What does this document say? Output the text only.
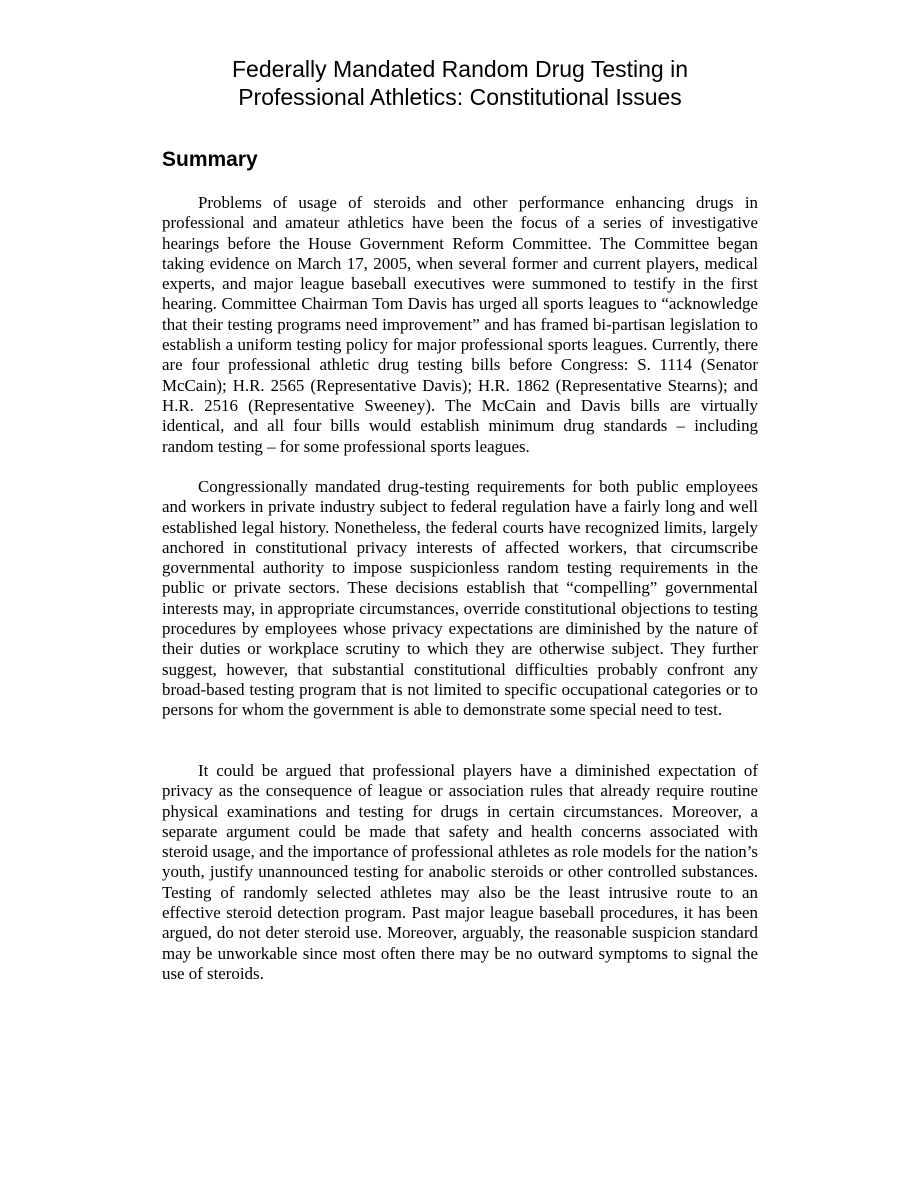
Federally Mandated Random Drug Testing in
Professional Athletics: Constitutional Issues
Summary

Problems of usage of steroids and other performance enhancing drugs in professional and amateur athletics have been the focus of a series of investigative hearings before the House Government Reform Committee. The Committee began taking evidence on March 17, 2005, when several former and current players, medical experts, and major league baseball executives were summoned to testify in the first hearing. Committee Chairman Tom Davis has urged all sports leagues to “acknowledge that their testing programs need improvement” and has framed bi-partisan legislation to establish a uniform testing policy for major professional sports leagues. Currently, there are four professional athletic drug testing bills before Congress: S. 1114 (Senator McCain); H.R. 2565 (Representative Davis); H.R. 1862 (Representative Stearns); and H.R. 2516 (Representative Sweeney). The McCain and Davis bills are virtually identical, and all four bills would establish minimum drug standards – including random testing – for some professional sports leagues.

Congressionally mandated drug-testing requirements for both public employees and workers in private industry subject to federal regulation have a fairly long and well established legal history. Nonetheless, the federal courts have recognized limits, largely anchored in constitutional privacy interests of affected workers, that circumscribe governmental authority to impose suspicionless random testing requirements in the public or private sectors. These decisions establish that “compelling” governmental interests may, in appropriate circumstances, override constitutional objections to testing procedures by employees whose privacy expectations are diminished by the nature of their duties or workplace scrutiny to which they are otherwise subject. They further suggest, however, that substantial constitutional difficulties probably confront any broad-based testing program that is not limited to specific occupational categories or to persons for whom the government is able to demonstrate some special need to test.

It could be argued that professional players have a diminished expectation of privacy as the consequence of league or association rules that already require routine physical examinations and testing for drugs in certain circumstances. Moreover, a separate argument could be made that safety and health concerns associated with steroid usage, and the importance of professional athletes as role models for the nation’s youth, justify unannounced testing for anabolic steroids or other controlled substances. Testing of randomly selected athletes may also be the least intrusive route to an effective steroid detection program. Past major league baseball procedures, it has been argued, do not deter steroid use. Moreover, arguably, the reasonable suspicion standard may be unworkable since most often there may be no outward symptoms to signal the use of steroids.
